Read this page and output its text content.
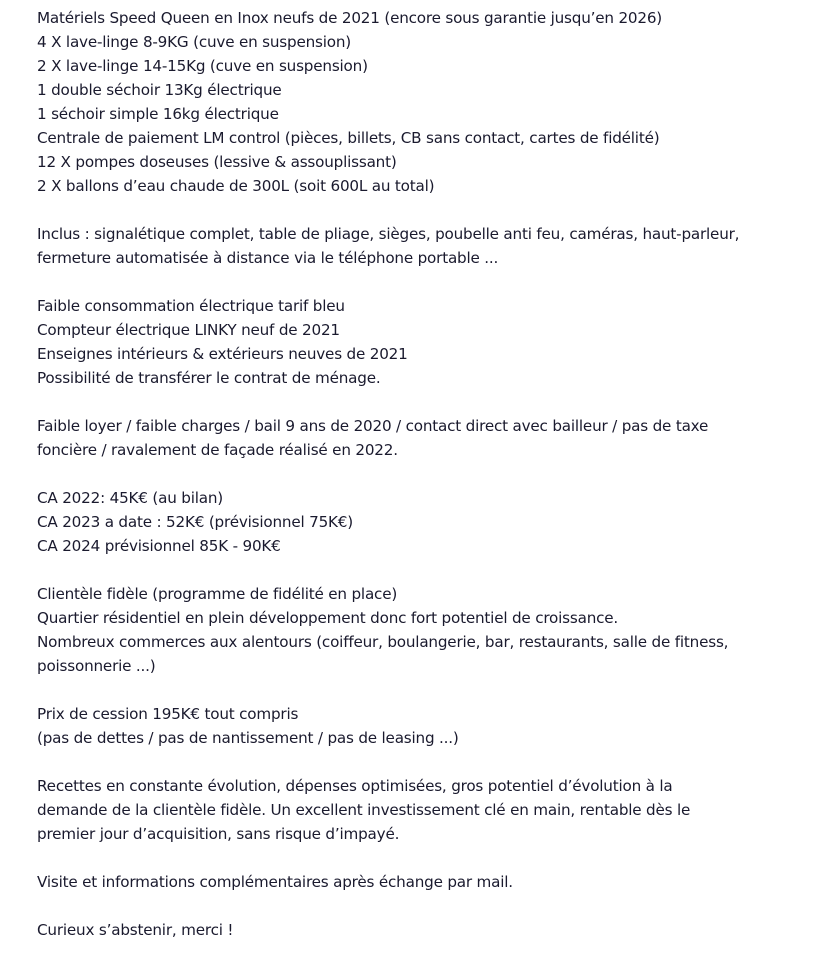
Matériels Speed Queen en Inox neufs de 2021 (encore sous garantie jusqu’en 2026)
4 X lave-linge 8-9KG (cuve en suspension)
2 X lave-linge 14-15Kg (cuve en suspension)
1 double séchoir 13Kg électrique
1 séchoir simple 16kg électrique
Centrale de paiement LM control (pièces, billets, CB sans contact, cartes de fidélité)
12 X pompes doseuses (lessive & assouplissant)
2 X ballons d’eau chaude de 300L (soit 600L au total)
Inclus : signalétique complet, table de pliage, sièges, poubelle anti feu, caméras, haut-parleur,
fermeture automatisée à distance via le téléphone portable ...
Faible consommation électrique tarif bleu
Compteur électrique LINKY neuf de 2021
Enseignes intérieurs & extérieurs neuves de 2021
Possibilité de transférer le contrat de ménage.
Faible loyer / faible charges / bail 9 ans de 2020 / contact direct avec bailleur / pas de taxe
foncière / ravalement de façade réalisé en 2022.
CA 2022: 45K€ (au bilan)
CA 2023 a date : 52K€ (prévisionnel 75K€)
CA 2024 prévisionnel 85K - 90K€
Clientèle fidèle (programme de fidélité en place)
Quartier résidentiel en plein développement donc fort potentiel de croissance.
Nombreux commerces aux alentours (coiffeur, boulangerie, bar, restaurants, salle de fitness,
poissonnerie ...)
Prix de cession 195K€ tout compris
(pas de dettes / pas de nantissement / pas de leasing ...)
Recettes en constante évolution, dépenses optimisées, gros potentiel d’évolution à la
demande de la clientèle fidèle. Un excellent investissement clé en main, rentable dès le
premier jour d’acquisition, sans risque d’impayé.
Visite et informations complémentaires après échange par mail.
Curieux s’abstenir, merci !
